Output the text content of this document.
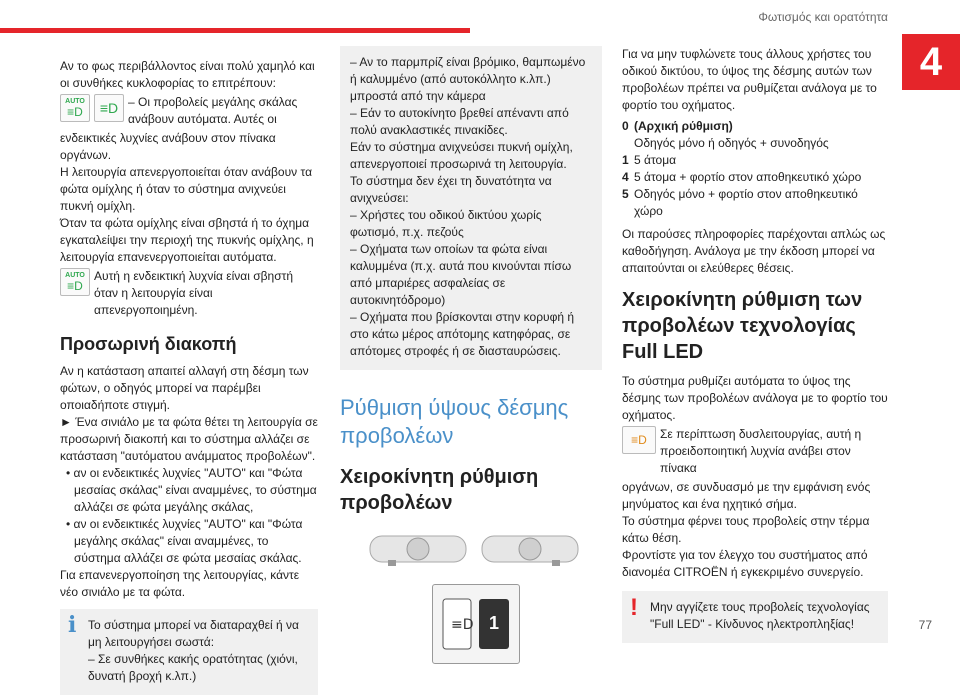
Φωτισμός και ορατότητα
4
77

Αν το φως περιβάλλοντος είναι πολύ χαμηλό και οι συνθήκες κυκλοφορίας το επιτρέπουν:

AUTO
≡D ≡D – Οι προβολείς μεγάλης σκάλας ανάβουν αυτόματα. Αυτές οι

ενδεικτικές λυχνίες ανάβουν στον πίνακα οργάνων.

Η λειτουργία απενεργοποιείται όταν ανάβουν τα φώτα ομίχλης ή όταν το σύστημα ανιχνεύει πυκνή ομίχλη.

Όταν τα φώτα ομίχλης είναι σβηστά ή το όχημα εγκαταλείψει την περιοχή της πυκνής ομίχλης, η λειτουργία επανενεργοποιείται αυτόματα.

AUTO
≡D
Αυτή η ενδεικτική λυχνία είναι σβηστή όταν η λειτουργία είναι απενεργοποιημένη.
Προσωρινή διακοπή

Αν η κατάσταση απαιτεί αλλαγή στη δέσμη των φώτων, ο οδηγός μπορεί να παρέμβει οποιαδήποτε στιγμή.

► Ένα σινιάλο με τα φώτα θέτει τη λειτουργία σε προσωρινή διακοπή και το σύστημα αλλάζει σε κατάσταση "αυτόματου ανάμματος προβολέων".

• αν οι ενδεικτικές λυχνίες "AUTO" και "Φώτα μεσαίας σκάλας" είναι αναμμένες, το σύστημα αλλάζει σε φώτα μεγάλης σκάλας,

• αν οι ενδεικτικές λυχνίες "AUTO" και "Φώτα μεγάλης σκάλας" είναι αναμμένες, το σύστημα αλλάζει σε φώτα μεσαίας σκάλας.

Για επανενεργοποίηση της λειτουργίας, κάντε νέο σινιάλο με τα φώτα.

i Το σύστημα μπορεί να διαταραχθεί ή να μη λειτουργήσει σωστά:

– Σε συνθήκες κακής ορατότητας (χιόνι, δυνατή βροχή κ.λπ.)

– Αν το παρμπρίζ είναι βρόμικο, θαμπωμένο ή καλυμμένο (από αυτοκόλλητο κ.λπ.) μπροστά από την κάμερα

– Εάν το αυτοκίνητο βρεθεί απέναντι από πολύ ανακλαστικές πινακίδες.

Εάν το σύστημα ανιχνεύσει πυκνή ομίχλη, απενεργοποιεί προσωρινά τη λειτουργία.

Το σύστημα δεν έχει τη δυνατότητα να ανιχνεύσει:

– Χρήστες του οδικού δικτύου χωρίς φωτισμό, π.χ. πεζούς

– Οχήματα των οποίων τα φώτα είναι καλυμμένα (π.χ. αυτά που κινούνται πίσω από μπαριέρες ασφαλείας σε αυτοκινητόδρομο)

– Οχήματα που βρίσκονται στην κορυφή ή στο κάτω μέρος απότομης κατηφόρας, σε απότομες στροφές ή σε διασταυρώσεις.

Ρύθμιση ύψους δέσμης προβολέων
Χειροκίνητη ρύθμιση προβολέων
≡D 1

Για να μην τυφλώνετε τους άλλους χρήστες του οδικού δικτύου, το ύψος της δέσμης αυτών των προβολέων πρέπει να ρυθμίζεται ανάλογα με το φορτίο του οχήματος.

0 (Αρχική ρύθμιση)
Οδηγός μόνο ή οδηγός + συνοδηγός
1 5 άτομα
4 5 άτομα + φορτίο στον αποθηκευτικό χώρο
5 Οδηγός μόνο + φορτίο στον αποθηκευτικό χώρο

Οι παρούσες πληροφορίες παρέχονται απλώς ως καθοδήγηση. Ανάλογα με την έκδοση μπορεί να απαιτούνται οι ελεύθερες θέσεις.

Χειροκίνητη ρύθμιση των προβολέων τεχνολογίας Full LED

Το σύστημα ρυθμίζει αυτόματα το ύψος της δέσμης των προβολέων ανάλογα με το φορτίο του οχήματος.

≡D Σε περίπτωση δυσλειτουργίας, αυτή η προειδοποιητική λυχνία ανάβει στον πίνακα

οργάνων, σε συνδυασμό με την εμφάνιση ενός μηνύματος και ένα ηχητικό σήμα.

Το σύστημα φέρνει τους προβολείς στην τέρμα κάτω θέση.

Φροντίστε για τον έλεγχο του συστήματος από διανομέα CITROËN ή εγκεκριμένο συνεργείο.

! Μην αγγίζετε τους προβολείς τεχνολογίας "Full LED" - Κίνδυνος ηλεκτροπληξίας!
